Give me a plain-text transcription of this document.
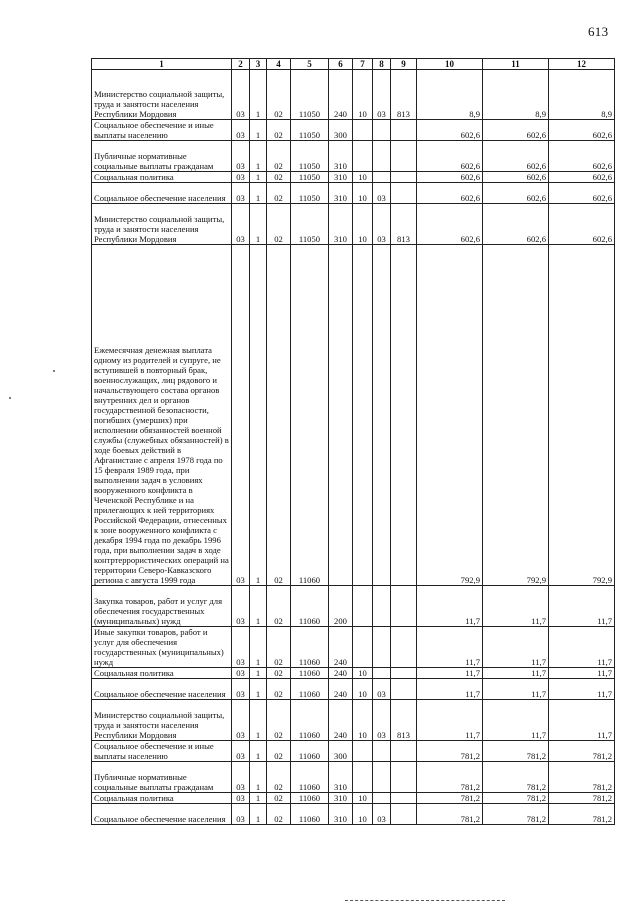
613
1	2	3	4	5	6	7	8	9	10	11	12
Министерство социальной защиты, труда и занятости населения Республики Мордовия	03	1	02	11050	240	10	03	813	8,9	8,9	8,9
Социальное обеспечение и иные выплаты населению	03	1	02	11050	300				602,6	602,6	602,6
Публичные нормативные социальные выплаты гражданам	03	1	02	11050	310				602,6	602,6	602,6
Социальная политика	03	1	02	11050	310	10			602,6	602,6	602,6
Социальное обеспечение населения	03	1	02	11050	310	10	03		602,6	602,6	602,6
Министерство социальной защиты, труда и занятости населения Республики Мордовия	03	1	02	11050	310	10	03	813	602,6	602,6	602,6
Ежемесячная денежная выплата одному из родителей и супруге, не вступившей в повторный брак, военнослужащих, лиц рядового и начальствующего состава органов внутренних дел и органов государственной безопасности, погибших (умерших) при исполнении обязанностей военной службы (служебных обязанностей) в ходе боевых действий в Афганистане с апреля 1978 года по 15 февраля 1989 года, при выполнении задач в условиях вооруженного конфликта в Чеченской Республике и на прилегающих к ней территориях Российской Федерации, отнесенных к зоне вооруженного конфликта с декабря 1994 года по декабрь 1996 года, при выполнении задач в ходе контртеррористических операций на территории Северо-Кавказского региона с августа 1999 года	03	1	02	11060					792,9	792,9	792,9
Закупка товаров, работ и услуг для обеспечения государственных (муниципальных) нужд	03	1	02	11060	200				11,7	11,7	11,7
Иные закупки товаров, работ и услуг для обеспечения государственных (муниципальных) нужд	03	1	02	11060	240				11,7	11,7	11,7
Социальная политика	03	1	02	11060	240	10			11,7	11,7	11,7
Социальное обеспечение населения	03	1	02	11060	240	10	03		11,7	11,7	11,7
Министерство социальной защиты, труда и занятости населения Республики Мордовия	03	1	02	11060	240	10	03	813	11,7	11,7	11,7
Социальное обеспечение и иные выплаты населению	03	1	02	11060	300				781,2	781,2	781,2
Публичные нормативные социальные выплаты гражданам	03	1	02	11060	310				781,2	781,2	781,2
Социальная политика	03	1	02	11060	310	10			781,2	781,2	781,2
Социальное обеспечение населения	03	1	02	11060	310	10	03		781,2	781,2	781,2
